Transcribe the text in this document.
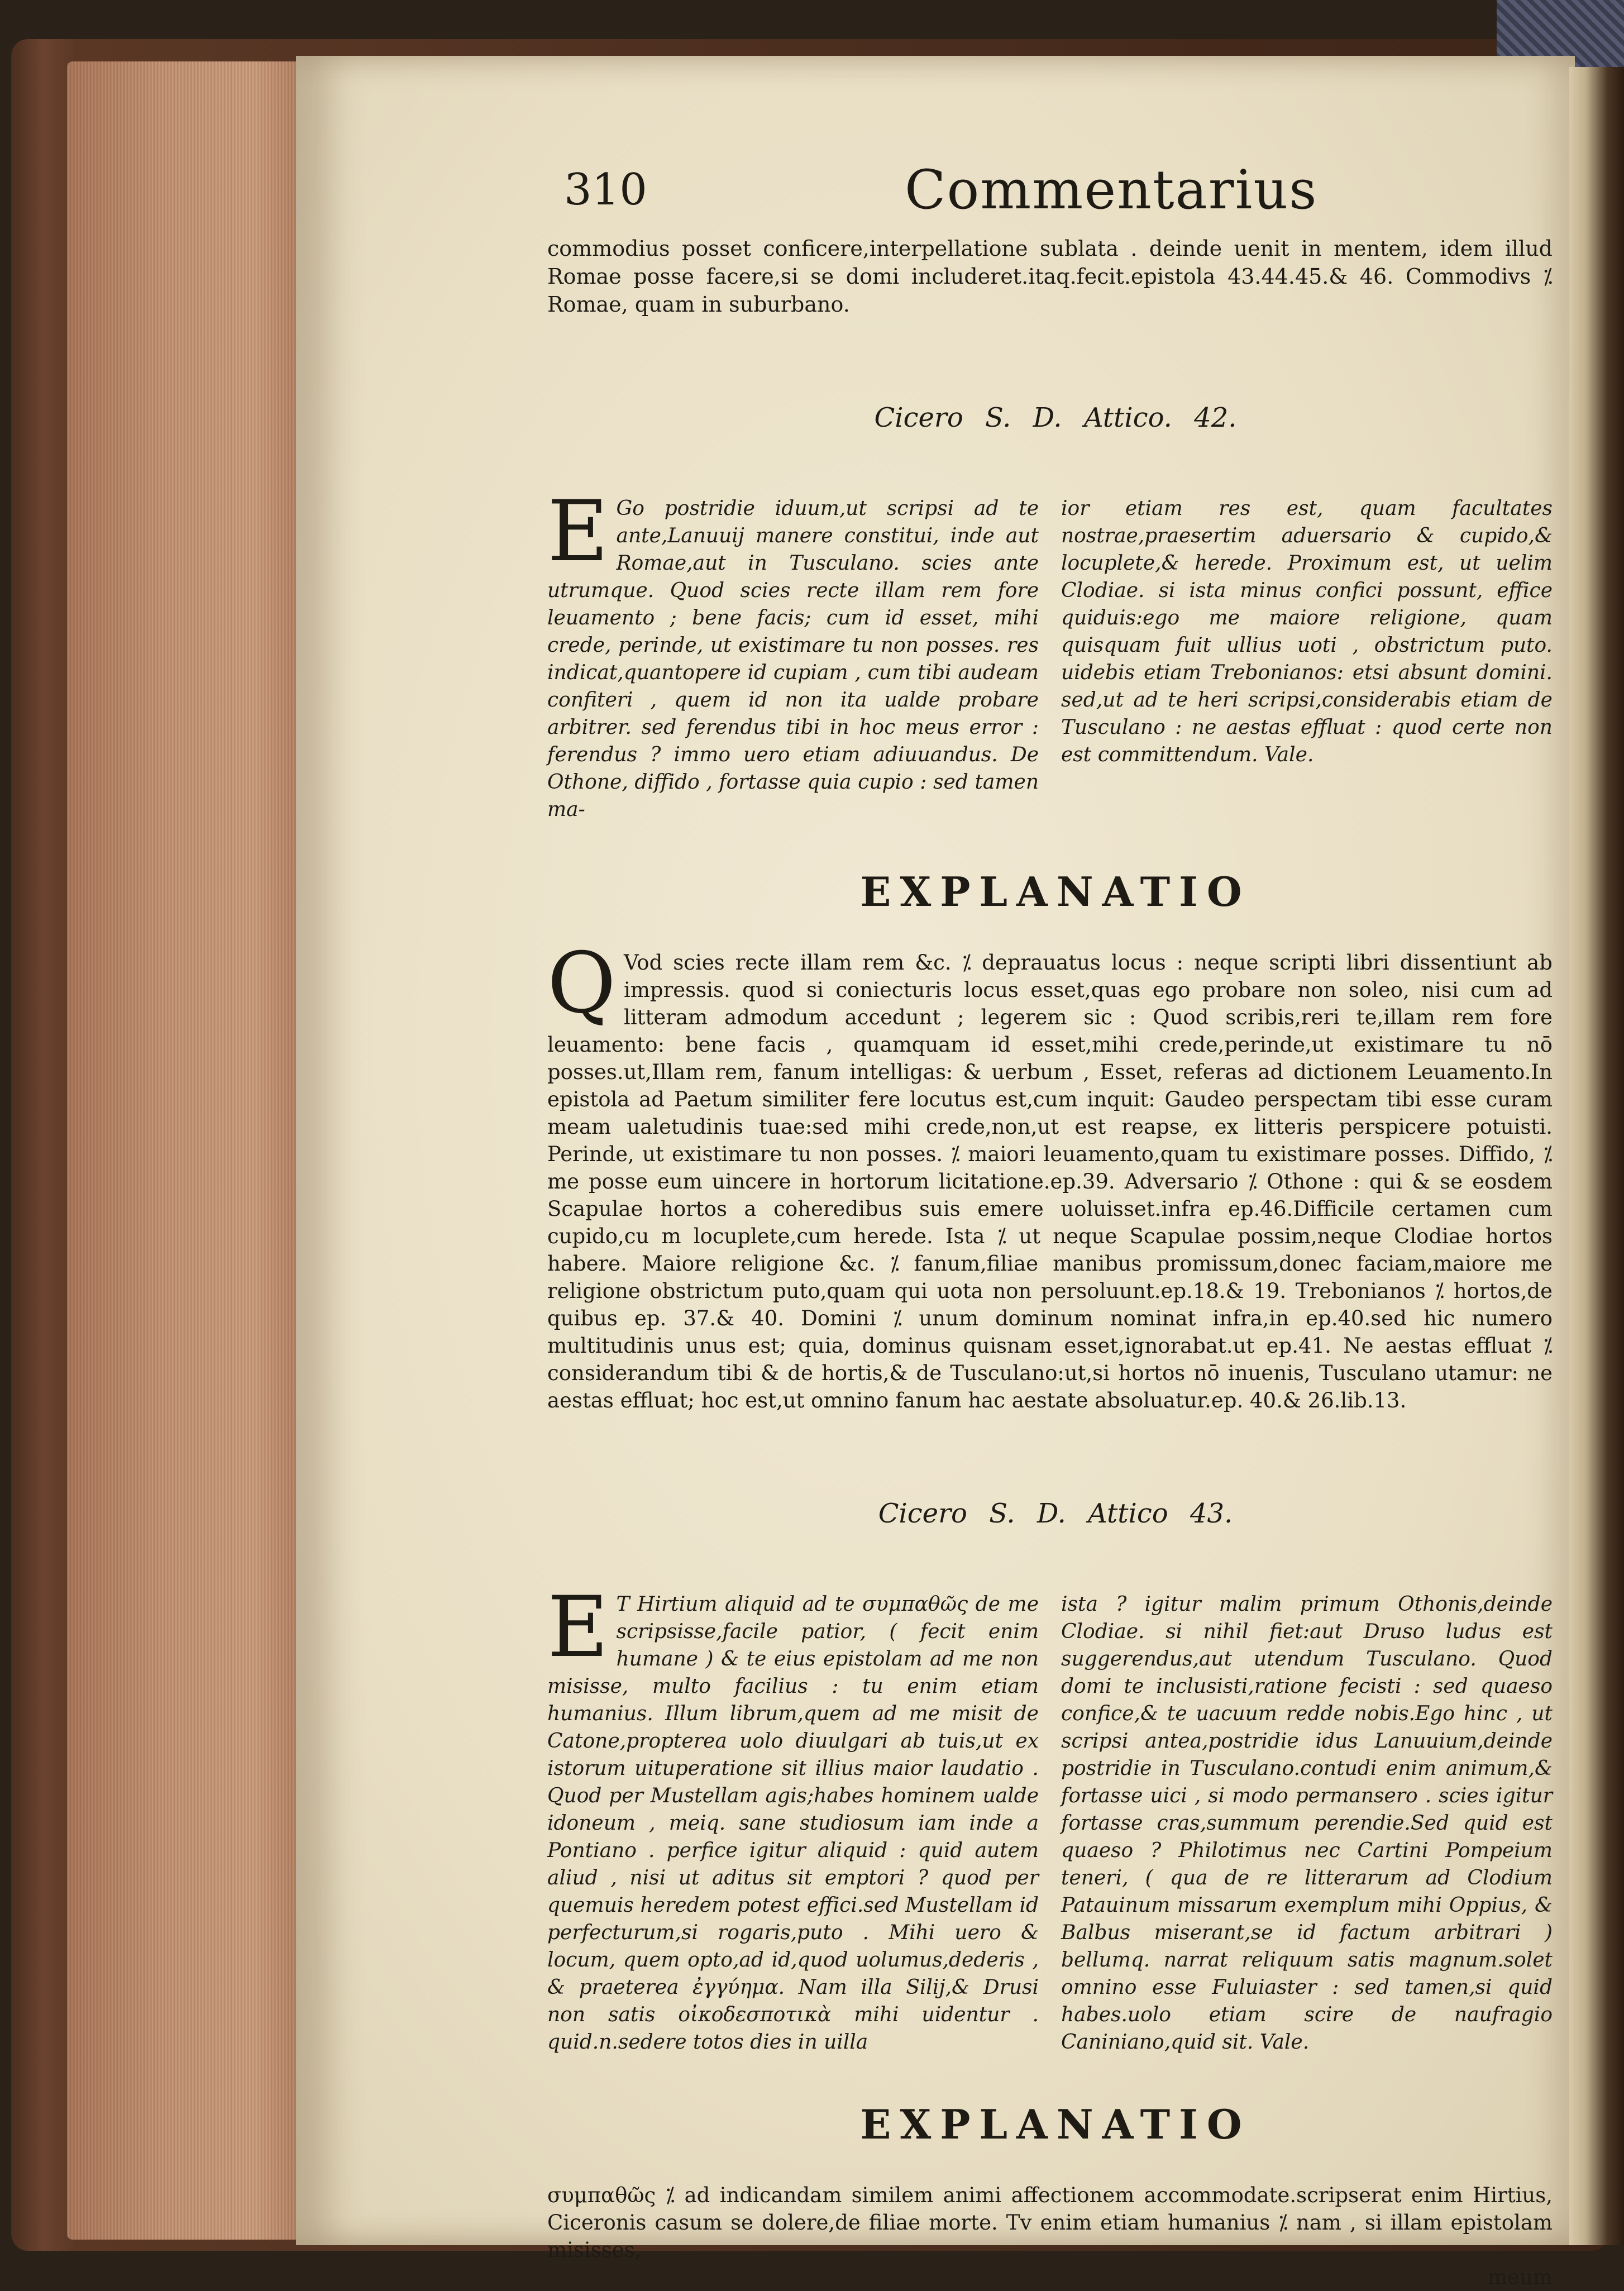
310	Commentarius

commodius posset conficere,interpellatione sublata . deinde uenit in mentem, idem illud Romae posse facere,si se domi includeret.itaq.fecit.epistola 43.44.45.& 46. Commodivs ⁒ Romae, quam in suburbano.

Cicero S. D. Attico. 42.
E Go postridie iduum,ut scripsi ad te ante,Lanuuij manere constitui, inde aut Romae,aut in Tusculano. scies ante utrumque. Quod scies recte illam rem fore leuamento ; bene facis; cum id esset, mihi crede, perinde, ut existimare tu non posses. res indicat,quantopere id cupiam , cum tibi audeam confiteri , quem id non ita ualde probare arbitrer. sed ferendus tibi in hoc meus error : ferendus ? immo uero etiam adiuuandus. De Othone, diffido , fortasse quia cupio : sed tamen ma-
ior etiam res est, quam facultates nostrae,praesertim aduersario & cupido,& locuplete,& herede. Proximum est, ut uelim Clodiae. si ista minus confici possunt, effice quiduis:ego me maiore religione, quam quisquam fuit ullius uoti , obstrictum puto. uidebis etiam Trebonianos: etsi absunt domini. sed,ut ad te heri scripsi,considerabis etiam de Tusculano : ne aestas effluat : quod certe non est committendum. Vale.
EXPLANATIO
Q Vod scies recte illam rem &c. ⁒ deprauatus locus : neque scripti libri dissentiunt ab impressis. quod si coniecturis locus esset,quas ego probare non soleo, nisi cum ad litteram admodum accedunt ; legerem sic : Quod scribis,reri te,illam rem fore leuamento: bene facis , quamquam id esset,mihi crede,perinde,ut existimare tu nō posses.ut,Illam rem, fanum intelligas: & uerbum , Esset, referas ad dictionem Leuamento.In epistola ad Paetum similiter fere locutus est,cum inquit: Gaudeo perspectam tibi esse curam meam ualetudinis tuae:sed mihi crede,non,ut est reapse, ex litteris perspicere potuisti. Perinde, ut existimare tu non posses. ⁒ maiori leuamento,quam tu existimare posses. Diffido, ⁒ me posse eum uincere in hortorum licitatione.ep.39. Adversario ⁒ Othone : qui & se eosdem Scapulae hortos a coheredibus suis emere uoluisset.infra ep.46.Difficile certamen cum cupido,cu m locuplete,cum herede. Ista ⁒ ut neque Scapulae possim,neque Clodiae hortos habere. Maiore religione &c. ⁒ fanum,filiae manibus promissum,donec faciam,maiore me religione obstrictum puto,quam qui uota non persoluunt.ep.18.& 19. Trebonianos ⁒ hortos,de quibus ep. 37.& 40. Domini ⁒ unum dominum nominat infra,in ep.40.sed hic numero multitudinis unus est; quia, dominus quisnam esset,ignorabat.ut ep.41. Ne aestas effluat ⁒ considerandum tibi & de hortis,& de Tusculano:ut,si hortos nō inuenis, Tusculano utamur: ne aestas effluat; hoc est,ut omnino fanum hac aestate absoluatur.ep. 40.& 26.lib.13.
Cicero S. D. Attico 43.
E T Hirtium aliquid ad te συμπαθῶς de me scripsisse,facile patior, ( fecit enim humane ) & te eius epistolam ad me non misisse, multo facilius : tu enim etiam humanius. Illum librum,quem ad me misit de Catone,propterea uolo diuulgari ab tuis,ut ex istorum uituperatione sit illius maior laudatio . Quod per Mustellam agis;habes hominem ualde idoneum , meiq. sane studiosum iam inde a Pontiano . perfice igitur aliquid : quid autem aliud , nisi ut aditus sit emptori ? quod per quemuis heredem potest effici.sed Mustellam id perfecturum,si rogaris,puto . Mihi uero & locum, quem opto,ad id,quod uolumus,dederis , & praeterea ἐγγύημα. Nam illa Silij,& Drusi non satis οἰκοδεσποτικὰ mihi uidentur . quid.n.sedere totos dies in uilla
ista ? igitur malim primum Othonis,deinde Clodiae. si nihil fiet:aut Druso ludus est suggerendus,aut utendum Tusculano. Quod domi te inclusisti,ratione fecisti : sed quaeso confice,& te uacuum redde nobis.Ego hinc , ut scripsi antea,postridie idus Lanuuium,deinde postridie in Tusculano.contudi enim animum,& fortasse uici , si modo permansero . scies igitur fortasse cras,summum perendie.Sed quid est quaeso ? Philotimus nec Cartini Pompeium teneri, ( qua de re litterarum ad Clodium Patauinum missarum exemplum mihi Oppius, & Balbus miserant,se id factum arbitrari ) bellumq. narrat reliquum satis magnum.solet omnino esse Fuluiaster : sed tamen,si quid habes.uolo etiam scire de naufragio Caniniano,quid sit. Vale.
EXPLANATIO
συμπαθῶς ⁒ ad indicandam similem animi affectionem accommodate.scripserat enim Hirtius, Ciceronis casum se dolere,de filiae morte. Tv enim etiam humanius ⁒ nam , si illam epistolam misisses,
meum
